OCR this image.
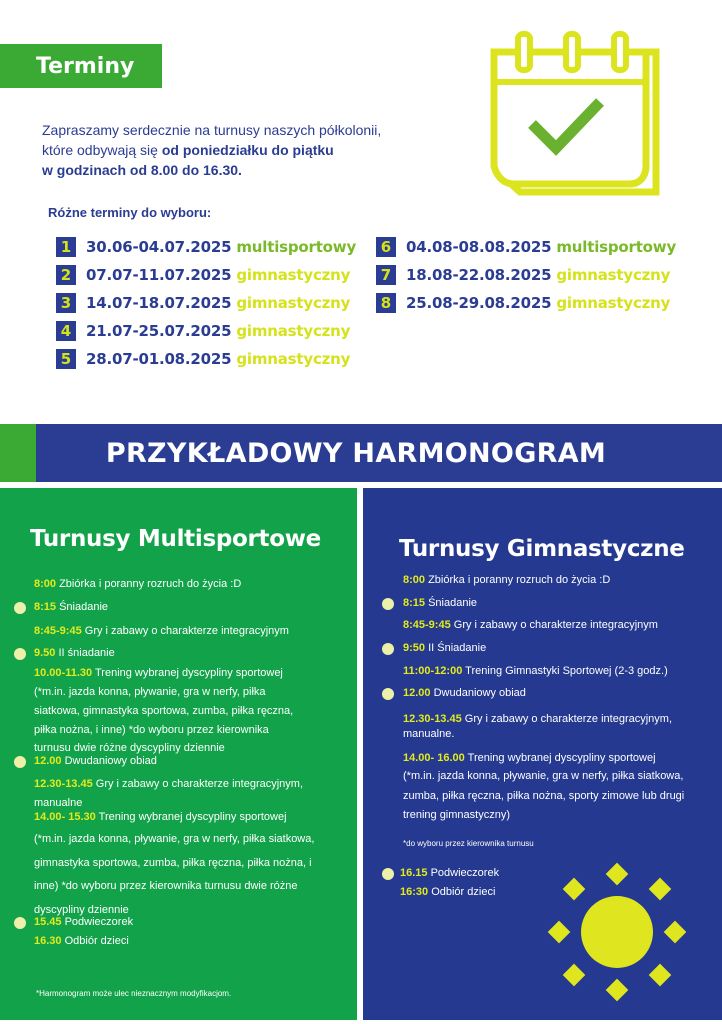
Terminy

Zapraszamy serdecznie na turnusy naszych półkolonii, które odbywają się od poniedziałku do piątku
w godzinach od 8.00 do 16.30.

Różne terminy do wyboru:
1 30.06-04.07.2025 multisportowy
2 07.07-11.07.2025 gimnastyczny
3 14.07-18.07.2025 gimnastyczny
4 21.07-25.07.2025 gimnastyczny
5 28.07-01.08.2025 gimnastyczny
6 04.08-08.08.2025 multisportowy
7 18.08-22.08.2025 gimnastyczny
8 25.08-29.08.2025 gimnastyczny
PRZYKŁADOWY HARMONOGRAM
Turnusy Multisportowe
8:00 Zbiórka i poranny rozruch do życia :D
8:15 Śniadanie
8:45-9:45 Gry i zabawy o charakterze integracyjnym
9.50 II śniadanie
10.00-11.30 Trening wybranej dyscypliny sportowej
(*m.in. jazda konna, pływanie, gra w nerfy, piłka
siatkowa, gimnastyka sportowa, zumba, piłka ręczna,
piłka nożna, i inne) *do wyboru przez kierownika
turnusu dwie różne dyscypliny dziennie
12.00 Dwudaniowy obiad
12.30-13.45 Gry i zabawy o charakterze integracyjnym,
manualne
14.00- 15.30 Trening wybranej dyscypliny sportowej
(*m.in. jazda konna, pływanie, gra w nerfy, piłka siatkowa,
gimnastyka sportowa, zumba, piłka ręczna, piłka nożna, i
inne) *do wyboru przez kierownika turnusu dwie różne
dyscypliny dziennie
15.45 Podwieczorek
16.30 Odbiór dzieci
*Harmonogram może ulec nieznacznym modyfikacjom.
Turnusy Gimnastyczne
8:00 Zbiórka i poranny rozruch do życia :D
8:15 Śniadanie
8:45-9:45 Gry i zabawy o charakterze integracyjnym
9:50 II Śniadanie
11:00-12:00 Trening Gimnastyki Sportowej (2-3 godz.)
12.00 Dwudaniowy obiad
12.30-13.45 Gry i zabawy o charakterze integracyjnym,
manualne.
14.00- 16.00 Trening wybranej dyscypliny sportowej
(*m.in. jazda konna, pływanie, gra w nerfy, piłka siatkowa,
zumba, piłka ręczna, piłka nożna, sporty zimowe lub drugi
trening gimnastyczny)
*do wyboru przez kierownika turnusu
16.15 Podwieczorek
16:30 Odbiór dzieci
